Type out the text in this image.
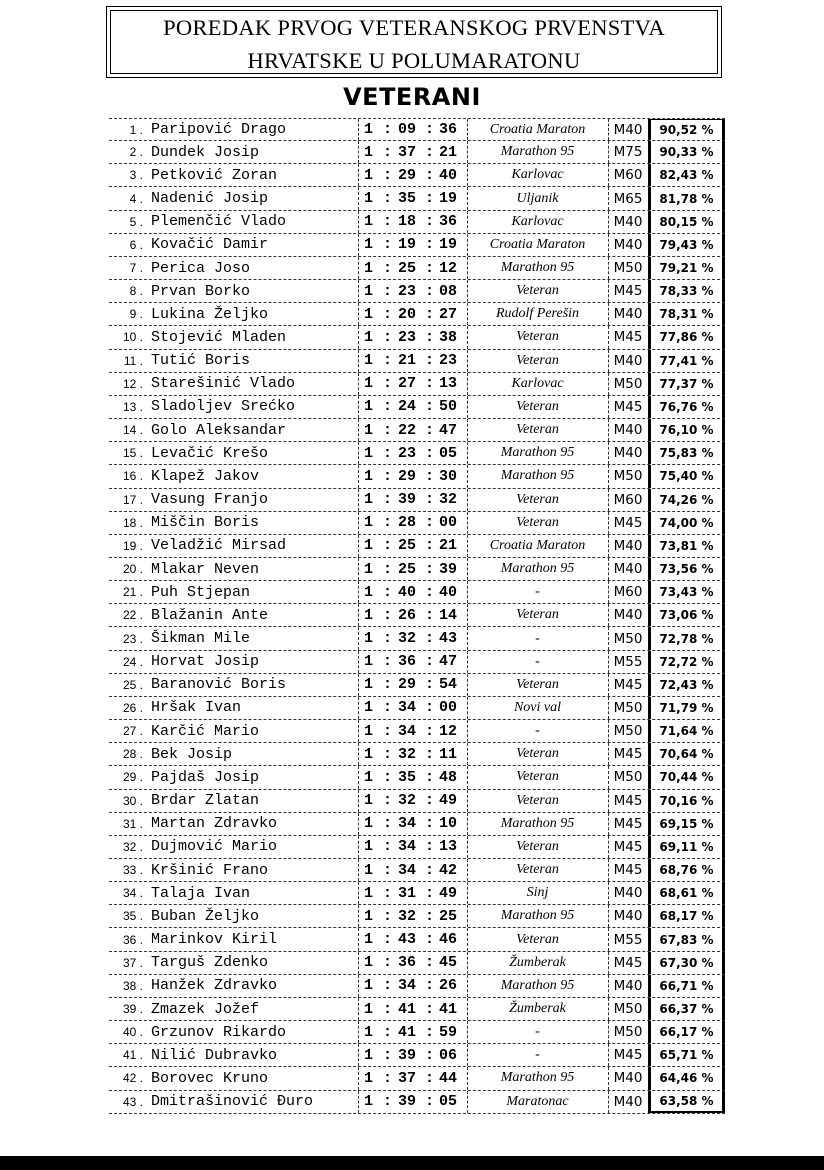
POREDAK PRVOG VETERANSKOG PRVENSTVA
HRVATSKE U POLUMARATONU
VETERANI
1 . Paripović Drago	1 : 09 : 36	Croatia Maraton	M40	90,52 %
2 . Dundek Josip	1 : 37 : 21	Marathon 95	M75	90,33 %
3 . Petković Zoran	1 : 29 : 40	Karlovac	M60	82,43 %
4 . Nadenić Josip	1 : 35 : 19	Uljanik	M65	81,78 %
5 . Plemenčić Vlado	1 : 18 : 36	Karlovac	M40	80,15 %
6 . Kovačić Damir	1 : 19 : 19	Croatia Maraton	M40	79,43 %
7 . Perica Joso	1 : 25 : 12	Marathon 95	M50	79,21 %
8 . Prvan Borko	1 : 23 : 08	Veteran	M45	78,33 %
9 . Lukina Željko	1 : 20 : 27	Rudolf Perešin	M40	78,31 %
10 . Stojević Mladen	1 : 23 : 38	Veteran	M45	77,86 %
11 . Tutić Boris	1 : 21 : 23	Veteran	M40	77,41 %
12 . Starešinić Vlado	1 : 27 : 13	Karlovac	M50	77,37 %
13 . Sladoljev Srećko	1 : 24 : 50	Veteran	M45	76,76 %
14 . Golo Aleksandar	1 : 22 : 47	Veteran	M40	76,10 %
15 . Levačić Krešo	1 : 23 : 05	Marathon 95	M40	75,83 %
16 . Klapež Jakov	1 : 29 : 30	Marathon 95	M50	75,40 %
17 . Vasung Franjo	1 : 39 : 32	Veteran	M60	74,26 %
18 . Miščin Boris	1 : 28 : 00	Veteran	M45	74,00 %
19 . Veladžić Mirsad	1 : 25 : 21	Croatia Maraton	M40	73,81 %
20 . Mlakar Neven	1 : 25 : 39	Marathon 95	M40	73,56 %
21 . Puh Stjepan	1 : 40 : 40	-	M60	73,43 %
22 . Blažanin Ante	1 : 26 : 14	Veteran	M40	73,06 %
23 . Šikman Mile	1 : 32 : 43	-	M50	72,78 %
24 . Horvat Josip	1 : 36 : 47	-	M55	72,72 %
25 . Baranović Boris	1 : 29 : 54	Veteran	M45	72,43 %
26 . Hršak Ivan	1 : 34 : 00	Novi val	M50	71,79 %
27 . Karčić Mario	1 : 34 : 12	-	M50	71,64 %
28 . Bek Josip	1 : 32 : 11	Veteran	M45	70,64 %
29 . Pajdaš Josip	1 : 35 : 48	Veteran	M50	70,44 %
30 . Brdar Zlatan	1 : 32 : 49	Veteran	M45	70,16 %
31 . Martan Zdravko	1 : 34 : 10	Marathon 95	M45	69,15 %
32 . Dujmović Mario	1 : 34 : 13	Veteran	M45	69,11 %
33 . Kršinić Frano	1 : 34 : 42	Veteran	M45	68,76 %
34 . Talaja Ivan	1 : 31 : 49	Sinj	M40	68,61 %
35 . Buban Željko	1 : 32 : 25	Marathon 95	M40	68,17 %
36 . Marinkov Kiril	1 : 43 : 46	Veteran	M55	67,83 %
37 . Targuš Zdenko	1 : 36 : 45	Žumberak	M45	67,30 %
38 . Hanžek Zdravko	1 : 34 : 26	Marathon 95	M40	66,71 %
39 . Zmazek Jožef	1 : 41 : 41	Žumberak	M50	66,37 %
40 . Grzunov Rikardo	1 : 41 : 59	-	M50	66,17 %
41 . Nilić Dubravko	1 : 39 : 06	-	M45	65,71 %
42 . Borovec Kruno	1 : 37 : 44	Marathon 95	M40	64,46 %
43 . Dmitrašinović Đuro	1 : 39 : 05	Maratonac	M40	63,58 %
